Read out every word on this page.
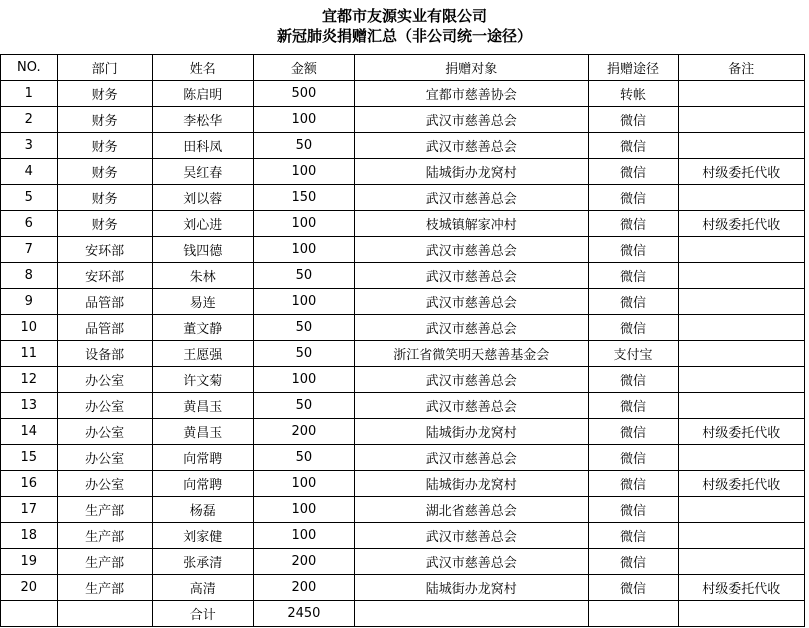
宜都市友源实业有限公司
新冠肺炎捐赠汇总（非公司统一途径）
NO.	部门	姓名	金额	捐赠对象	捐赠途径	备注
1	财务	陈启明	500	宜都市慈善协会	转帐	
2	财务	李松华	100	武汉市慈善总会	微信	
3	财务	田科凤	50	武汉市慈善总会	微信	
4	财务	吴红春	100	陆城街办龙窝村	微信	村级委托代收
5	财务	刘以蓉	150	武汉市慈善总会	微信	
6	财务	刘心进	100	枝城镇解家冲村	微信	村级委托代收
7	安环部	钱四德	100	武汉市慈善总会	微信	
8	安环部	朱林	50	武汉市慈善总会	微信	
9	品管部	易连	100	武汉市慈善总会	微信	
10	品管部	董文静	50	武汉市慈善总会	微信	
11	设备部	王愿强	50	浙江省微笑明天慈善基金会	支付宝	
12	办公室	许文菊	100	武汉市慈善总会	微信	
13	办公室	黄昌玉	50	武汉市慈善总会	微信	
14	办公室	黄昌玉	200	陆城街办龙窝村	微信	村级委托代收
15	办公室	向常聘	50	武汉市慈善总会	微信	
16	办公室	向常聘	100	陆城街办龙窝村	微信	村级委托代收
17	生产部	杨磊	100	湖北省慈善总会	微信	
18	生产部	刘家健	100	武汉市慈善总会	微信	
19	生产部	张承清	200	武汉市慈善总会	微信	
20	生产部	高清	200	陆城街办龙窝村	微信	村级委托代收
		合计	2450			
